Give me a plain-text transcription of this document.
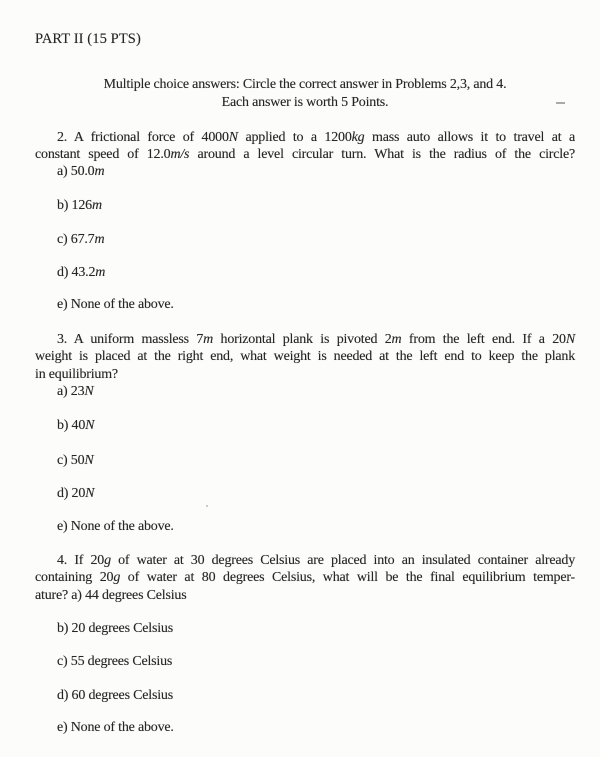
PART II (15 PTS)
Multiple choice answers: Circle the correct answer in Problems 2,3, and 4.
Each answer is worth 5 Points.
2. A frictional force of 4000N applied to a 1200kg mass auto allows it to travel at a
constant speed of 12.0m/s around a level circular turn. What is the radius of the circle?
a) 50.0m
b) 126m
c) 67.7m
d) 43.2m
e) None of the above.
3. A uniform massless 7m horizontal plank is pivoted 2m from the left end. If a 20N
weight is placed at the right end, what weight is needed at the left end to keep the plank
in equilibrium?
a) 23N
b) 40N
c) 50N
d) 20N
e) None of the above.
4. If 20g of water at 30 degrees Celsius are placed into an insulated container already
containing 20g of water at 80 degrees Celsius, what will be the final equilibrium temper-
ature? a) 44 degrees Celsius
b) 20 degrees Celsius
c) 55 degrees Celsius
d) 60 degrees Celsius
e) None of the above.
